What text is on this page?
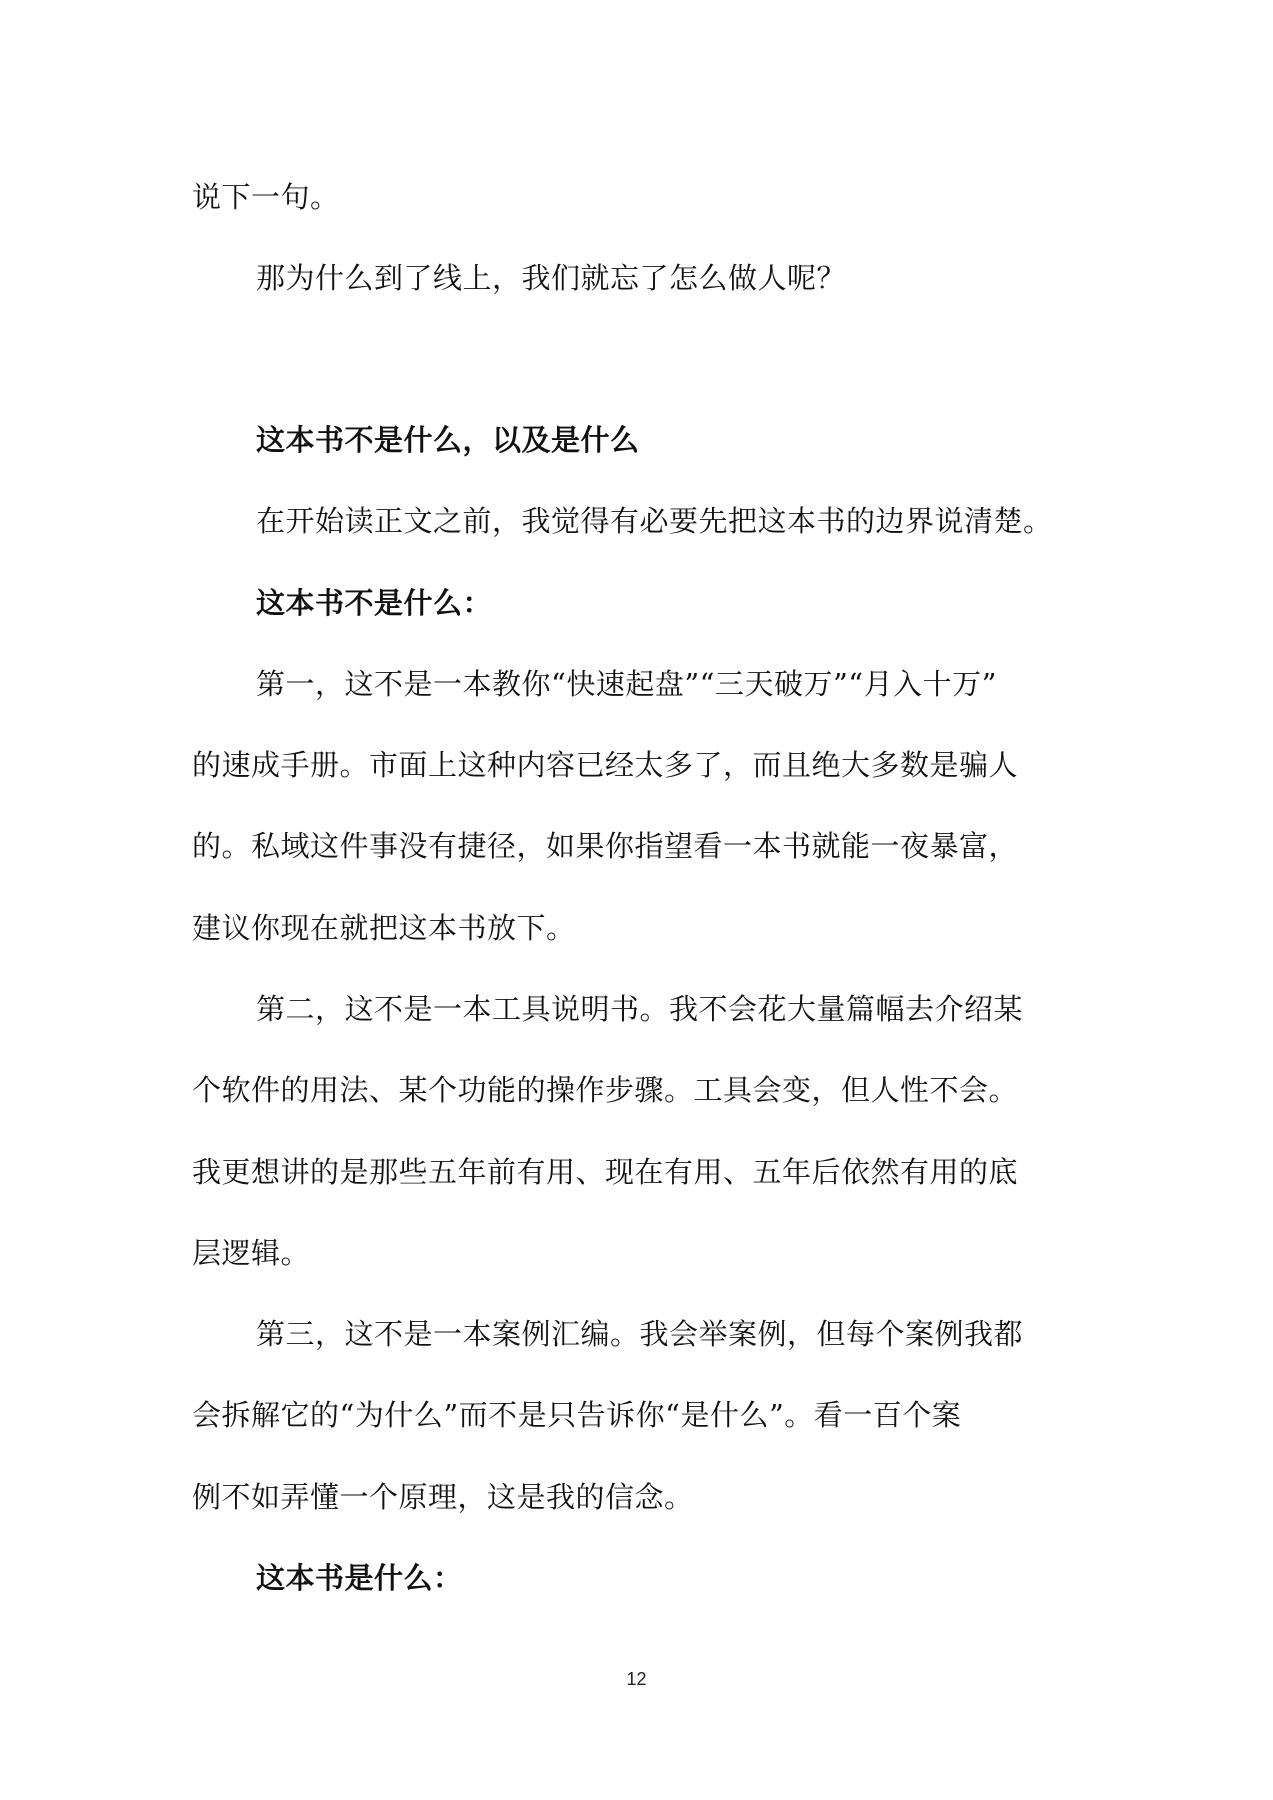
说下一句。
那为什么到了线上，我们就忘了怎么做人呢？
这本书不是什么，以及是什么
在开始读正文之前，我觉得有必要先把这本书的边界说清楚。
这本书不是什么：
第一，这不是一本教你“快速起盘”“三天破万”“月入十万”
的速成手册。市面上这种内容已经太多了，而且绝大多数是骗人
的。私域这件事没有捷径，如果你指望看一本书就能一夜暴富，
建议你现在就把这本书放下。
第二，这不是一本工具说明书。我不会花大量篇幅去介绍某
个软件的用法、某个功能的操作步骤。工具会变，但人性不会。
我更想讲的是那些五年前有用、现在有用、五年后依然有用的底
层逻辑。
第三，这不是一本案例汇编。我会举案例，但每个案例我都
会拆解它的“为什么”而不是只告诉你“是什么”。看一百个案
例不如弄懂一个原理，这是我的信念。
这本书是什么：
12
